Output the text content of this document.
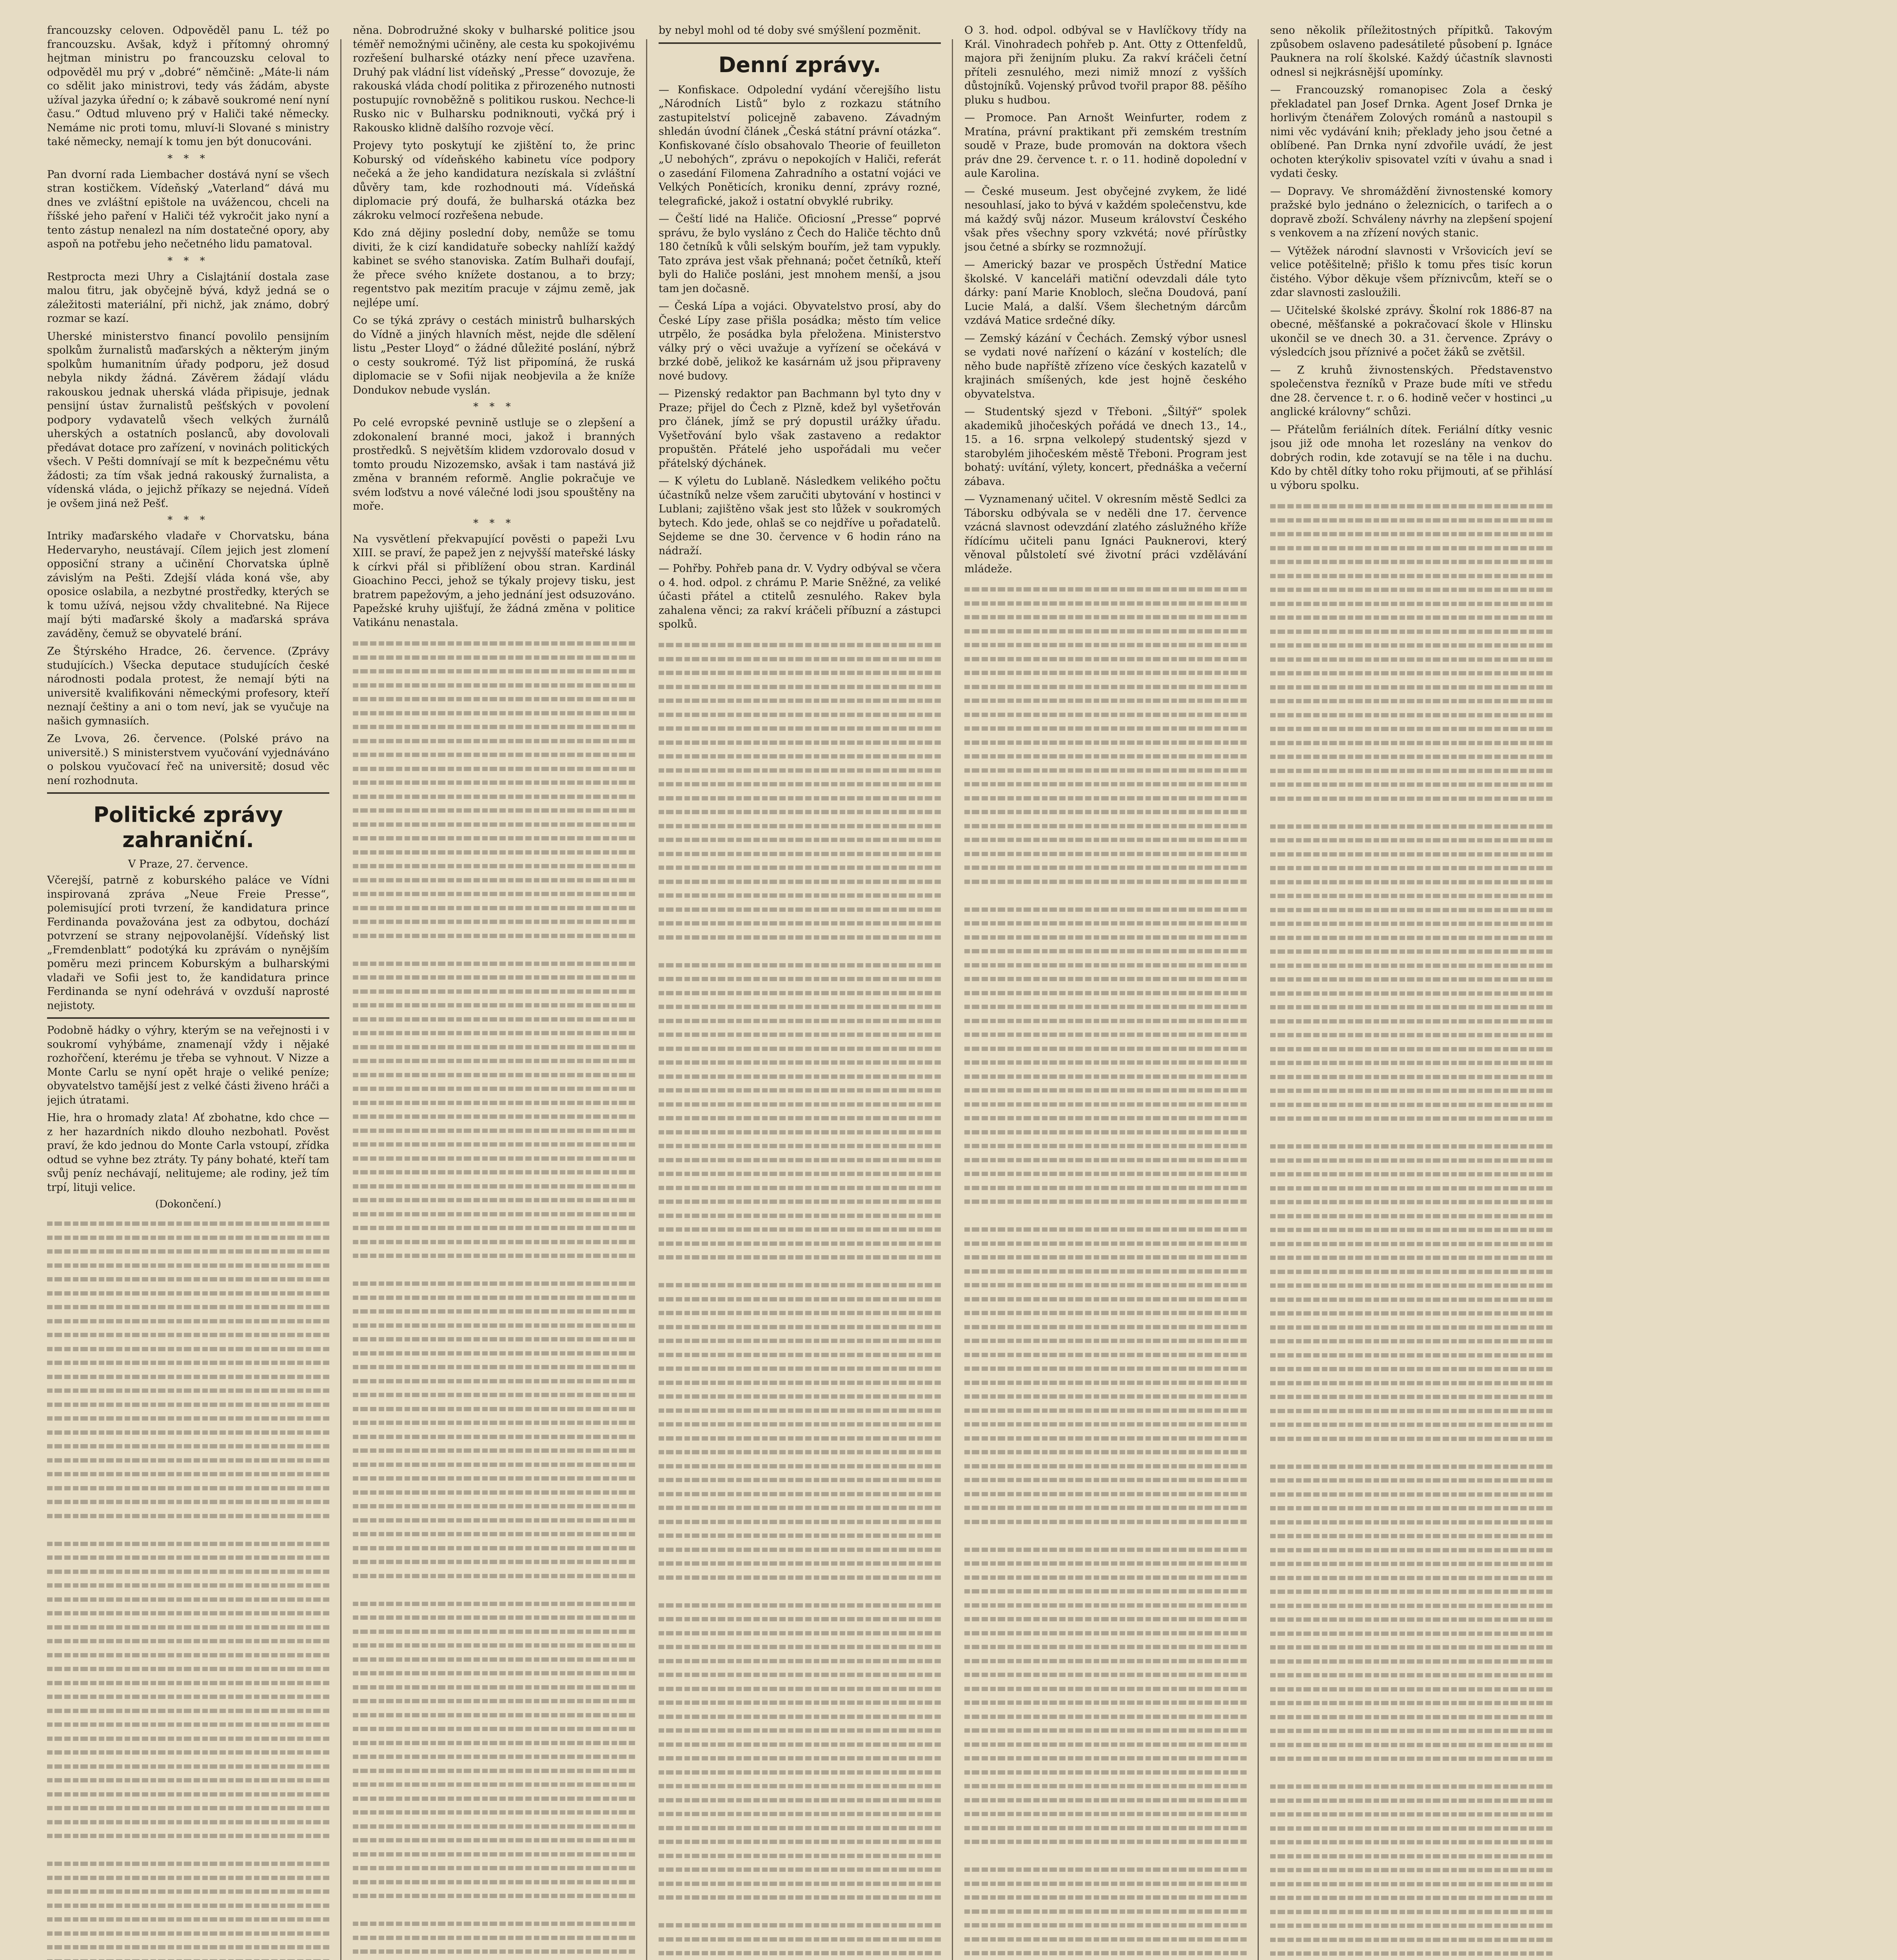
francouzsky celoven. Odpověděl panu L. též po francouzsku. Avšak, když i přítomný ohromný hejtman ministru po francouzsku celoval to odpověděl mu prý v „dobré“ němčině: „Máte-li nám co sdělit jako ministrovi, tedy vás žádám, abyste užíval jazyka úřední o; k zábavě soukromé není nyní času.“ Odtud mluveno prý v Haliči také německy. Nemáme nic proti tomu, mluví-li Slované s ministry také německy, nemají k tomu jen být donucováni.

* * *

Pan dvorní rada Liembacher dostává nyní se všech stran kostičkem. Vídeňský „Vaterland“ dává mu dnes ve zvláštní epištole na uvážencou, chceli na říšské jeho paření v Haliči též vykročit jako nyní a tento zástup nenalezl na ním dostatečné opory, aby aspoň na potřebu jeho nečetného lidu pamatoval.

* * *

Restprocta mezi Uhry a Cislajtánií dostala zase malou ťitru, jak obyčejně bývá, když jedná se o záležitosti materiální, při nichž, jak známo, dobrý rozmar se kazí.

Uherské ministerstvo financí povolilo pensijním spolkům žurnalistů maďarských a některým jiným spolkům humanitním úřady podporu, jež dosud nebyla nikdy žádná. Závěrem žádají vládu rakouskou jednak uherská vláda připisuje, jednak pensijní ústav žurnalistů pešťských v povolení podpory vydavatelů všech velkých žurnálů uherských a ostatních poslanců, aby dovolovali předávat dotace pro zařízení, v novinách politických všech. V Pešti domnívají se mít k bezpečnému větu žádosti; za tím však jedná rakouský žurnalista, a vídenská vláda, o jejichž příkazy se nejedná. Vídeň je ovšem jiná než Pešť.

* * *

Intriky maďarského vladaře v Chorvatsku, bána Hedervaryho, neustávají. Cílem jejich jest zlomení opposiční strany a učinění Chorvatska úplně závislým na Pešti. Zdejší vláda koná vše, aby oposice oslabila, a nezbytné prostředky, kterých se k tomu užívá, nejsou vždy chvalitebné. Na Rijece mají býti maďarské školy a maďarská správa zaváděny, čemuž se obyvatelé brání.

Ze Štýrského Hradce, 26. července. (Zprávy studujících.) Všecka deputace studujících české národnosti podala protest, že nemají býti na universitě kvalifikováni německými profesory, kteří neznají češtiny a ani o tom neví, jak se vyučuje na našich gymnasiích.

Ze Lvova, 26. července. (Polské právo na universitě.) S ministerstvem vyučování vyjednáváno o polskou vyučovací řeč na universitě; dosud věc není rozhodnuta.

Politické zprávy zahraniční.
V Praze, 27. července.

Včerejší, patrně z koburského paláce ve Vídni inspirovaná zpráva „Neue Freie Presse“, polemisující proti tvrzení, že kandidatura prince Ferdinanda považována jest za odbytou, dochází potvrzení se strany nejpovolanější. Vídeňský list „Fremdenblatt“ podotýká ku zprávám o nynějším poměru mezi princem Koburským a bulharskými vladaři ve Sofii jest to, že kandidatura prince Ferdinanda se nyní odehrává v ovzduší naprosté nejistoty.

Podobně hádky o výhry, kterým se na veřejnosti i v soukromí vyhýbáme, znamenají vždy i nějaké rozhořčení, kterému je třeba se vyhnout. V Nizze a Monte Carlu se nyní opět hraje o veliké peníze; obyvatelstvo tamější jest z velké části živeno hráči a jejich útratami.

Hie, hra o hromady zlata! Ať zbohatne, kdo chce — z her hazardních nikdo dlouho nezbohatl. Pověst praví, že kdo jednou do Monte Carla vstoupí, zřídka odtud se vyhne bez ztráty. Ty pány bohaté, kteří tam svůj peníz nechávají, nelitujeme; ale rodiny, jež tím trpí, lituji velice.

(Dokončení.)

něna. Dobrodružné skoky v bulharské politice jsou téměř nemožnými učiněny, ale cesta ku spokojivému rozřešení bulharské otázky není přece uzavřena. Druhý pak vládní list vídeňský „Presse“ dovozuje, že rakouská vláda chodí politika z přirozeného nutnosti postupujíc rovnoběžně s politikou ruskou. Nechce-li Rusko nic v Bulharsku podniknouti, vyčká prý i Rakousko klidně dalšího rozvoje věcí.

Projevy tyto poskytují ke zjištění to, že princ Koburský od vídeňského kabinetu více podpory nečeká a že jeho kandidatura nezískala si zvláštní důvěry tam, kde rozhodnouti má. Vídeňská diplomacie prý doufá, že bulharská otázka bez zákroku velmocí rozřešena nebude.

Kdo zná dějiny poslední doby, nemůže se tomu diviti, že k cizí kandidatuře sobecky nahlíží každý kabinet se svého stanoviska. Zatím Bulhaři doufají, že přece svého knížete dostanou, a to brzy; regentstvo pak mezitím pracuje v zájmu země, jak nejlépe umí.

Co se týká zprávy o cestách ministrů bulharských do Vídně a jiných hlavních měst, nejde dle sdělení listu „Pester Lloyd“ o žádné důležité poslání, nýbrž o cesty soukromé. Týž list připomíná, že ruská diplomacie se v Sofii nijak neobjevila a že kníže Dondukov nebude vyslán.

* * *

Po celé evropské pevnině ustluje se o zlepšení a zdokonalení branné moci, jakož i branných prostředků. S největším klidem vzdorovalo dosud v tomto proudu Nizozemsko, avšak i tam nastává již změna v branném reformě. Anglie pokračuje ve svém loďstvu a nové válečné lodi jsou spouštěny na moře.

* * *

Na vysvětlení překvapující pověsti o papeži Lvu XIII. se praví, že papež jen z nejvyšší mateřské lásky k církvi přál si přiblížení obou stran. Kardinál Gioachino Pecci, jehož se týkaly projevy tisku, jest bratrem papežovým, a jeho jednání jest odsuzováno. Papežské kruhy ujišťují, že žádná změna v politice Vatikánu nenastala.

by nebyl mohl od té doby své smýšlení pozměnit.

Denní zprávy.

— Konfiskace. Odpolední vydání včerejšího listu „Národních Listů“ bylo z rozkazu státního zastupitelství policejně zabaveno. Závadným shledán úvodní článek „Česká státní právní otázka“. Konfiskované číslo obsahovalo Theorie of feuilleton „U nebohých“, zprávu o nepokojích v Haliči, referát o zasedání Filomena Zahradního a ostatní vojáci ve Velkých Poněticích, kroniku denní, zprávy rozné, telegrafické, jakož i ostatní obvyklé rubriky.

— Čeští lidé na Haliče. Oficiosní „Presse“ poprvé správu, že bylo vysláno z Čech do Haliče těchto dnů 180 četníků k vůli selským bouřím, jež tam vypukly. Tato zpráva jest však přehnaná; počet četníků, kteří byli do Haliče posláni, jest mnohem menší, a jsou tam jen dočasně.

— Česká Lípa a vojáci. Obyvatelstvo prosí, aby do České Lípy zase přišla posádka; město tím velice utrpělo, že posádka byla přeložena. Ministerstvo války prý o věci uvažuje a vyřízení se očekává v brzké době, jelikož ke kasárnám už jsou připraveny nové budovy.

— Pizenský redaktor pan Bachmann byl tyto dny v Praze; přijel do Čech z Plzně, kdež byl vyšetřován pro článek, jímž se prý dopustil urážky úřadu. Vyšetřování bylo však zastaveno a redaktor propuštěn. Přátelé jeho uspořádali mu večer přátelský dýchánek.

— K výletu do Lublaně. Následkem velikého počtu účastníků nelze všem zaručiti ubytování v hostinci v Lublani; zajištěno však jest sto lůžek v soukromých bytech. Kdo jede, ohlaš se co nejdříve u pořadatelů. Sejdeme se dne 30. července v 6 hodin ráno na nádraží.

— Pohřby. Pohřeb pana dr. V. Vydry odbýval se včera o 4. hod. odpol. z chrámu P. Marie Sněžné, za veliké účasti přátel a ctitelů zesnulého. Rakev byla zahalena věnci; za rakví kráčeli příbuzní a zástupci spolků.

O 3. hod. odpol. odbýval se v Havlíčkovy třídy na Král. Vinohradech pohřeb p. Ant. Otty z Ottenfeldů, majora při ženijním pluku. Za rakví kráčeli četní příteli zesnulého, mezi nimiž mnozí z vyšších důstojníků. Vojenský průvod tvořil prapor 88. pěšího pluku s hudbou.

— Promoce. Pan Arnošt Weinfurter, rodem z Mratína, právní praktikant při zemském trestním soudě v Praze, bude promován na doktora všech práv dne 29. července t. r. o 11. hodině dopolední v aule Karolina.

— České museum. Jest obyčejné zvykem, že lidé nesouhlasí, jako to bývá v každém společenstvu, kde má každý svůj názor. Museum království Českého však přes všechny spory vzkvétá; nové přírůstky jsou četné a sbírky se rozmnožují.

— Americký bazar ve prospěch Ústřední Matice školské. V kanceláři matiční odevzdali dále tyto dárky: paní Marie Knobloch, slečna Doudová, paní Lucie Malá, a další. Všem šlechetným dárcům vzdává Matice srdečné díky.

— Zemský kázání v Čechách. Zemský výbor usnesl se vydati nové nařízení o kázání v kostelích; dle něho bude napříště zřízeno více českých kazatelů v krajinách smíšených, kde jest hojně českého obyvatelstva.

— Studentský sjezd v Třeboni. „Šiltýř“ spolek akademiků jihočeských pořádá ve dnech 13., 14., 15. a 16. srpna velkolepý studentský sjezd v starobylém jihočeském městě Třeboni. Program jest bohatý: uvítání, výlety, koncert, přednáška a večerní zábava.

— Vyznamenaný učitel. V okresním městě Sedlci za Táborsku odbývala se v neděli dne 17. července vzácná slavnost odevzdání zlatého záslužného kříže řídícímu učiteli panu Ignáci Pauknerovi, který věnoval půlstoletí své životní práci vzdělávání mládeže.

seno několik příležitostných přípitků. Takovým způsobem oslaveno padesátileté působení p. Ignáce Pauknera na rolí školské. Každý účastník slavnosti odnesl si nejkrásnější upomínky.

— Francouzský romanopisec Zola a český překladatel pan Josef Drnka. Agent Josef Drnka je horlivým čtenářem Zolových románů a nastoupil s nimi věc vydávání knih; překlady jeho jsou četné a oblíbené. Pan Drnka nyní zdvořile uvádí, že jest ochoten kterýkoliv spisovatel vzíti v úvahu a snad i vydati česky.

— Dopravy. Ve shromáždění živnostenské komory pražské bylo jednáno o železnicích, o tarifech a o dopravě zboží. Schváleny návrhy na zlepšení spojení s venkovem a na zřízení nových stanic.

— Výtěžek národní slavnosti v Vršovicích jeví se velice potěšitelně; přišlo k tomu přes tisíc korun čistého. Výbor děkuje všem příznivcům, kteří se o zdar slavnosti zasloužili.

— Učitelské školské zprávy. Školní rok 1886-87 na obecné, měšťanské a pokračovací škole v Hlinsku ukončil se ve dnech 30. a 31. července. Zprávy o výsledcích jsou příznivé a počet žáků se zvětšil.

— Z kruhů živnostenských. Představenstvo společenstva řezníků v Praze bude míti ve středu dne 28. července t. r. o 6. hodině večer v hostinci „u anglické královny“ schůzi.

— Přátelům feriálních dítek. Feriální dítky vesnic jsou již ode mnoha let rozeslány na venkov do dobrých rodin, kde zotavují se na těle i na duchu. Kdo by chtěl dítky toho roku přijmouti, ať se přihlásí u výboru spolku.
